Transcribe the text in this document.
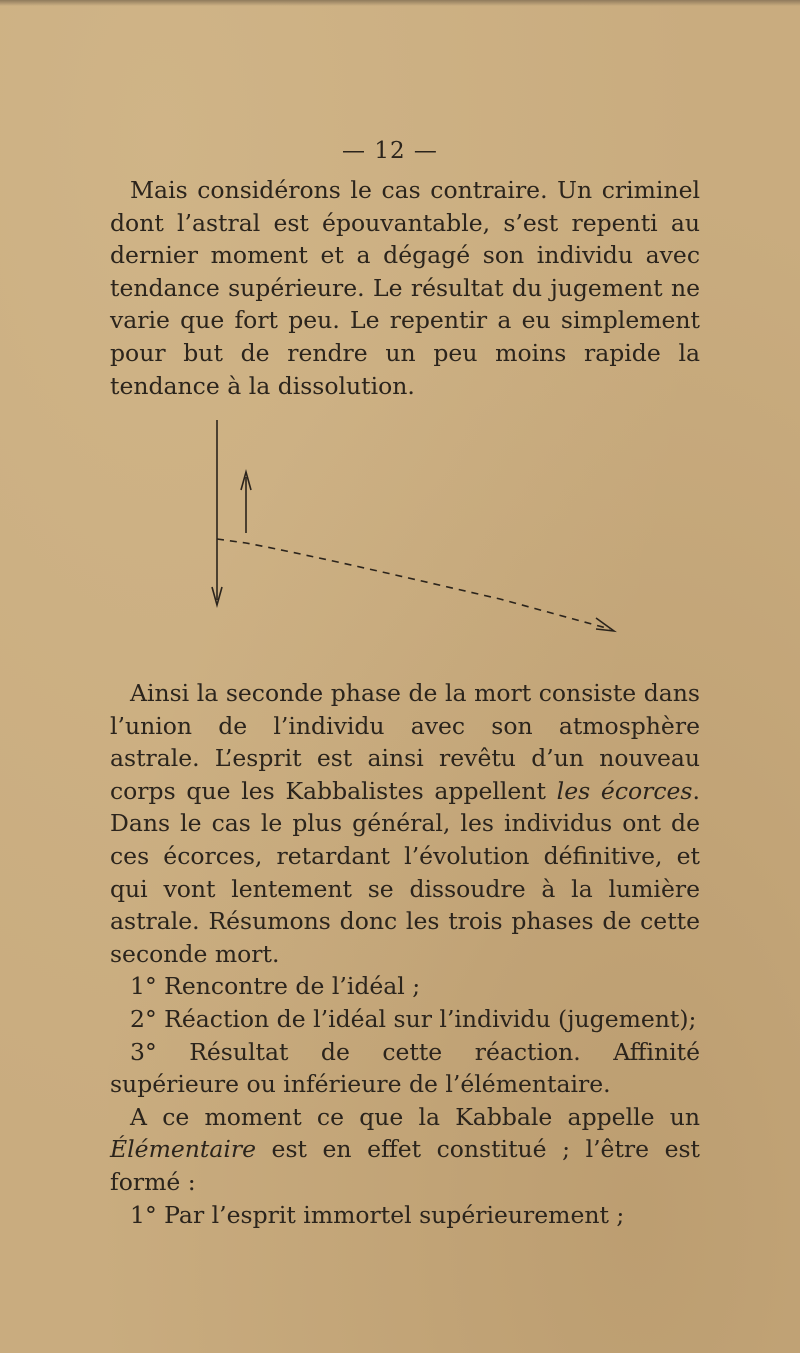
— 12 —

Mais considérons le cas contraire. Un criminel dont l’astral est épouvantable, s’est repenti au dernier moment et a dégagé son individu avec tendance supérieure. Le résultat du jugement ne varie que fort peu. Le repentir a eu simplement pour but de rendre un peu moins rapide la tendance à la dissolution.

Ainsi la seconde phase de la mort consiste dans l’union de l’individu avec son atmosphère astrale. L’esprit est ainsi revêtu d’un nouveau corps que les Kabbalistes appellent les écorces. Dans le cas le plus général, les individus ont de ces écorces, retardant l’évolution définitive, et qui vont lentement se dissoudre à la lumière astrale. Résumons donc les trois phases de cette seconde mort.

1° Rencontre de l’idéal ;

2° Réaction de l’idéal sur l’individu (jugement);

3° Résultat de cette réaction. Affinité supérieure ou inférieure de l’élémentaire.

A ce moment ce que la Kabbale appelle un Élémentaire est en effet constitué ; l’être est formé :

1° Par l’esprit immortel supérieurement ;
